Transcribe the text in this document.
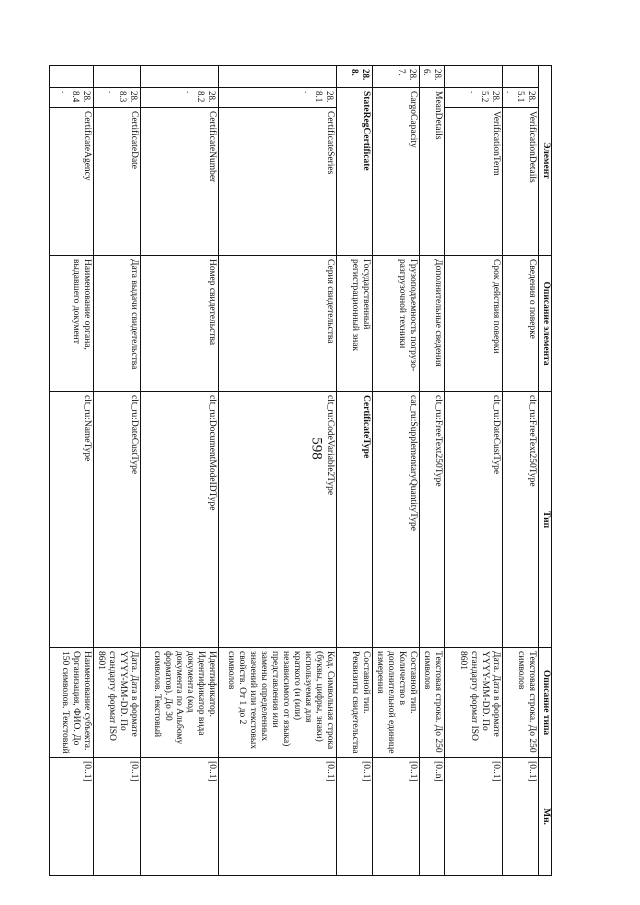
598
Элемент			Описание элемента	Тип	Описание типа	Мн.
	28.5.1.	VerificationDetails	Сведения о поверке	clt_ru:FreeText250Type	Текстовая строка. До 250 символов	[0..1]
	28.5.2.	VerificationTerm	Срок действия поверки	clt_ru:DateCustType	Дата. Дата в формате YYYY-MM-DD. По стандарту формат ISO 8601	[0..1]
28.6.	MeanDetails		Дополнительные сведения	clt_ru:FreeText250Type	Текстовая строка. До 250 символов	[0..n]
28.7.	CargoCapacity		Грузоподъемность погрузо-разгрузочной техники	cat_ru:SupplementaryQuantityType	Составной тип. Количество в дополнительной единице измерения	[0..1]
28.8.	StateRegCertificate		Государственный регистрационный знак	CertificateType	Составной тип. Реквизиты свидетельства	[0..1]
	28.8.1.	CertificateSeries	Серия свидетельства	clt_ru:CodeVariable2Type	Код. Символьная строка (буквы, цифры, знаки) используемая для краткого (и (или) независимого от языка) представления или замены определенных значений или текстовых свойств. От 1 до 2 символов	[0..1]
	28.8.2.	CertificateNumber	Номер свидетельства	clt_ru:DocumentModeIDType	Идентификатор. Идентификатор вида документа (код документа по Альбому форматов). До 30 символов. Текстовый	[0..1]
	28.8.3.	CertificateDate	Дата выдачи свидетельства	clt_ru:DateCustType	Дата. Дата в формате YYYY-MM-DD. По стандарту формат ISO 8601	[0..1]
	28.8.4.	CertificateAgency	Наименование органа, выдавшего документ	clt_ru:NameType	Наименование субъекта. Организация, ФИО. До 150 символов. Текстовый	[0..1]
